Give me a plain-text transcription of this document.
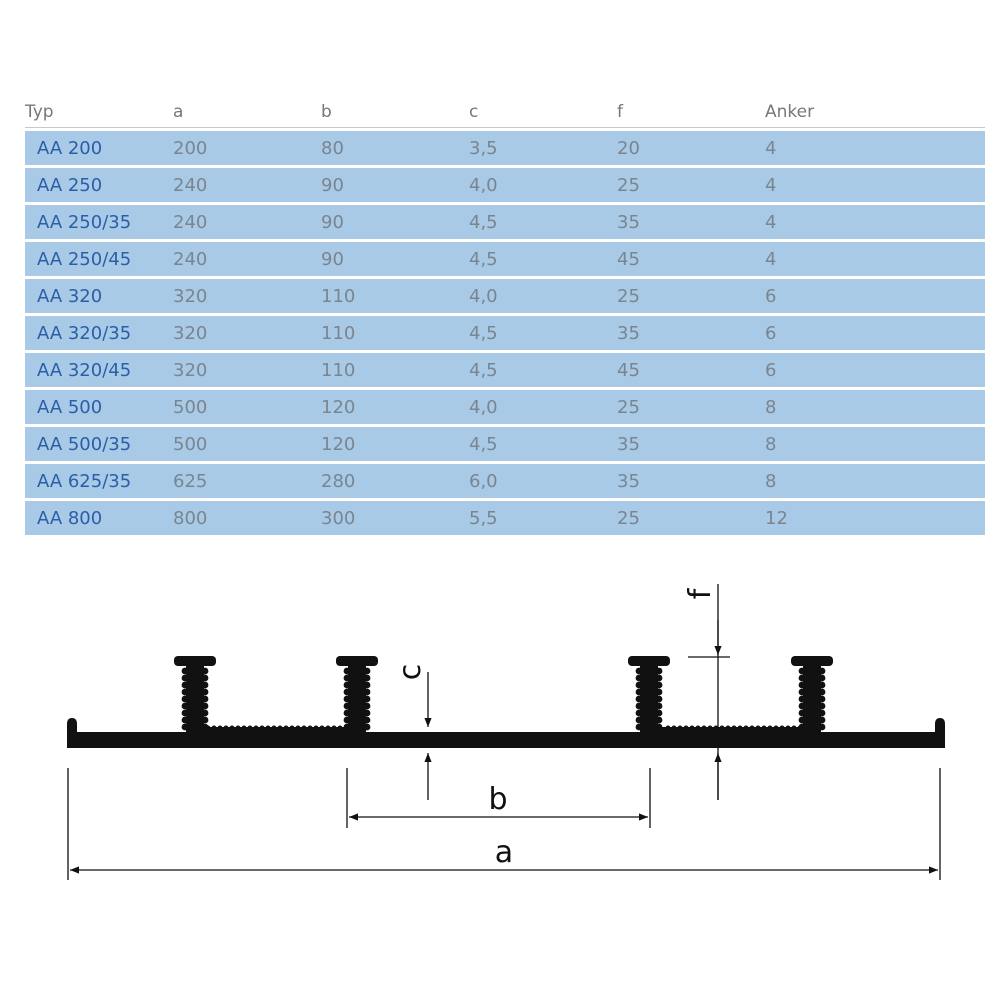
Typ	a	b	c	f	Anker
AA 200	200	80	3,5	20	4
AA 250	240	90	4,0	25	4
AA 250/35	240	90	4,5	35	4
AA 250/45	240	90	4,5	45	4
AA 320	320	110	4,0	25	6
AA 320/35	320	110	4,5	35	6
AA 320/45	320	110	4,5	45	6
AA 500	500	120	4,0	25	8
AA 500/35	500	120	4,5	35	8
AA 625/35	625	280	6,0	35	8
AA 800	800	300	5,5	25	12
c
f
b
a
